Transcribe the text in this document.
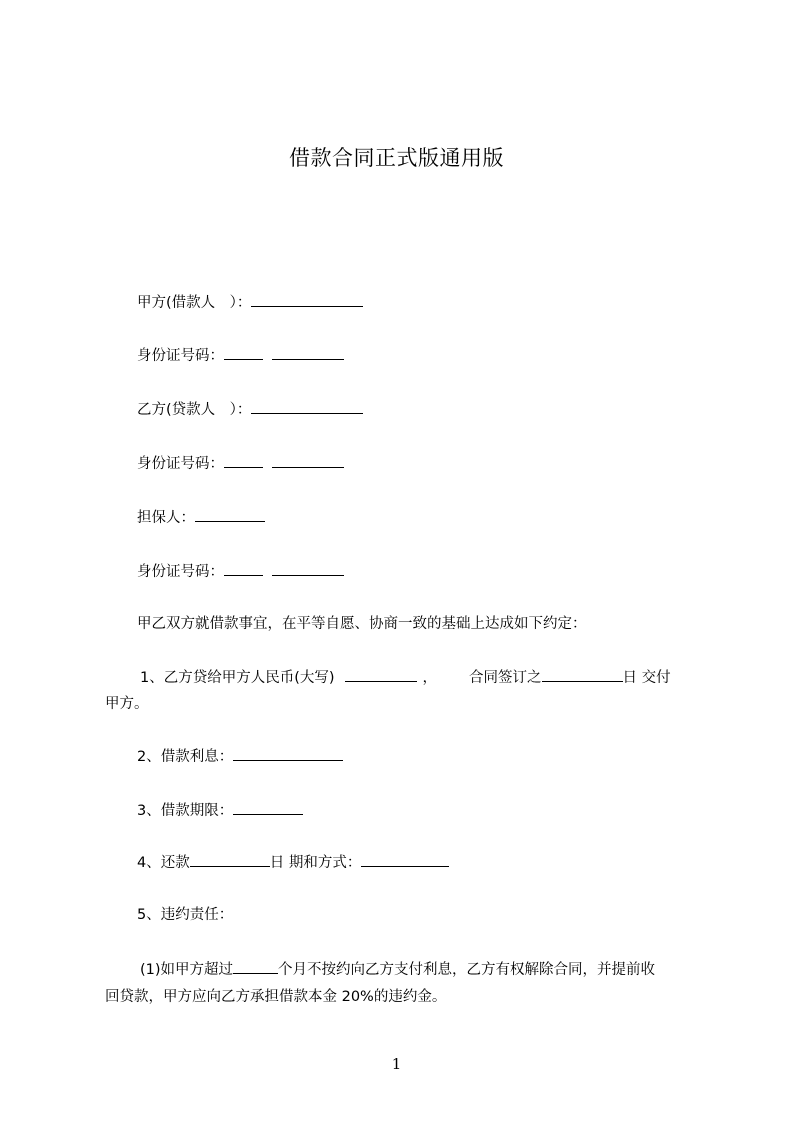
借款合同正式版通用版
甲方(借款人　）：
身份证号码：
乙方(贷款人　）：
身份证号码：
担保人：
身份证号码：
甲乙双方就借款事宜，在平等自愿、协商一致的基础上达成如下约定：
1、乙方贷给甲方人民币(大写)	， 合同签订之	日 交付
甲方。
2、借款利息：
3、借款期限：
4、还款	日 期和方式：
5、违约责任：
(1)如甲方超过	个月不按约向乙方支付利息，乙方有权解除合同，并提前收
回贷款，甲方应向乙方承担借款本金 20%的违约金。
1
